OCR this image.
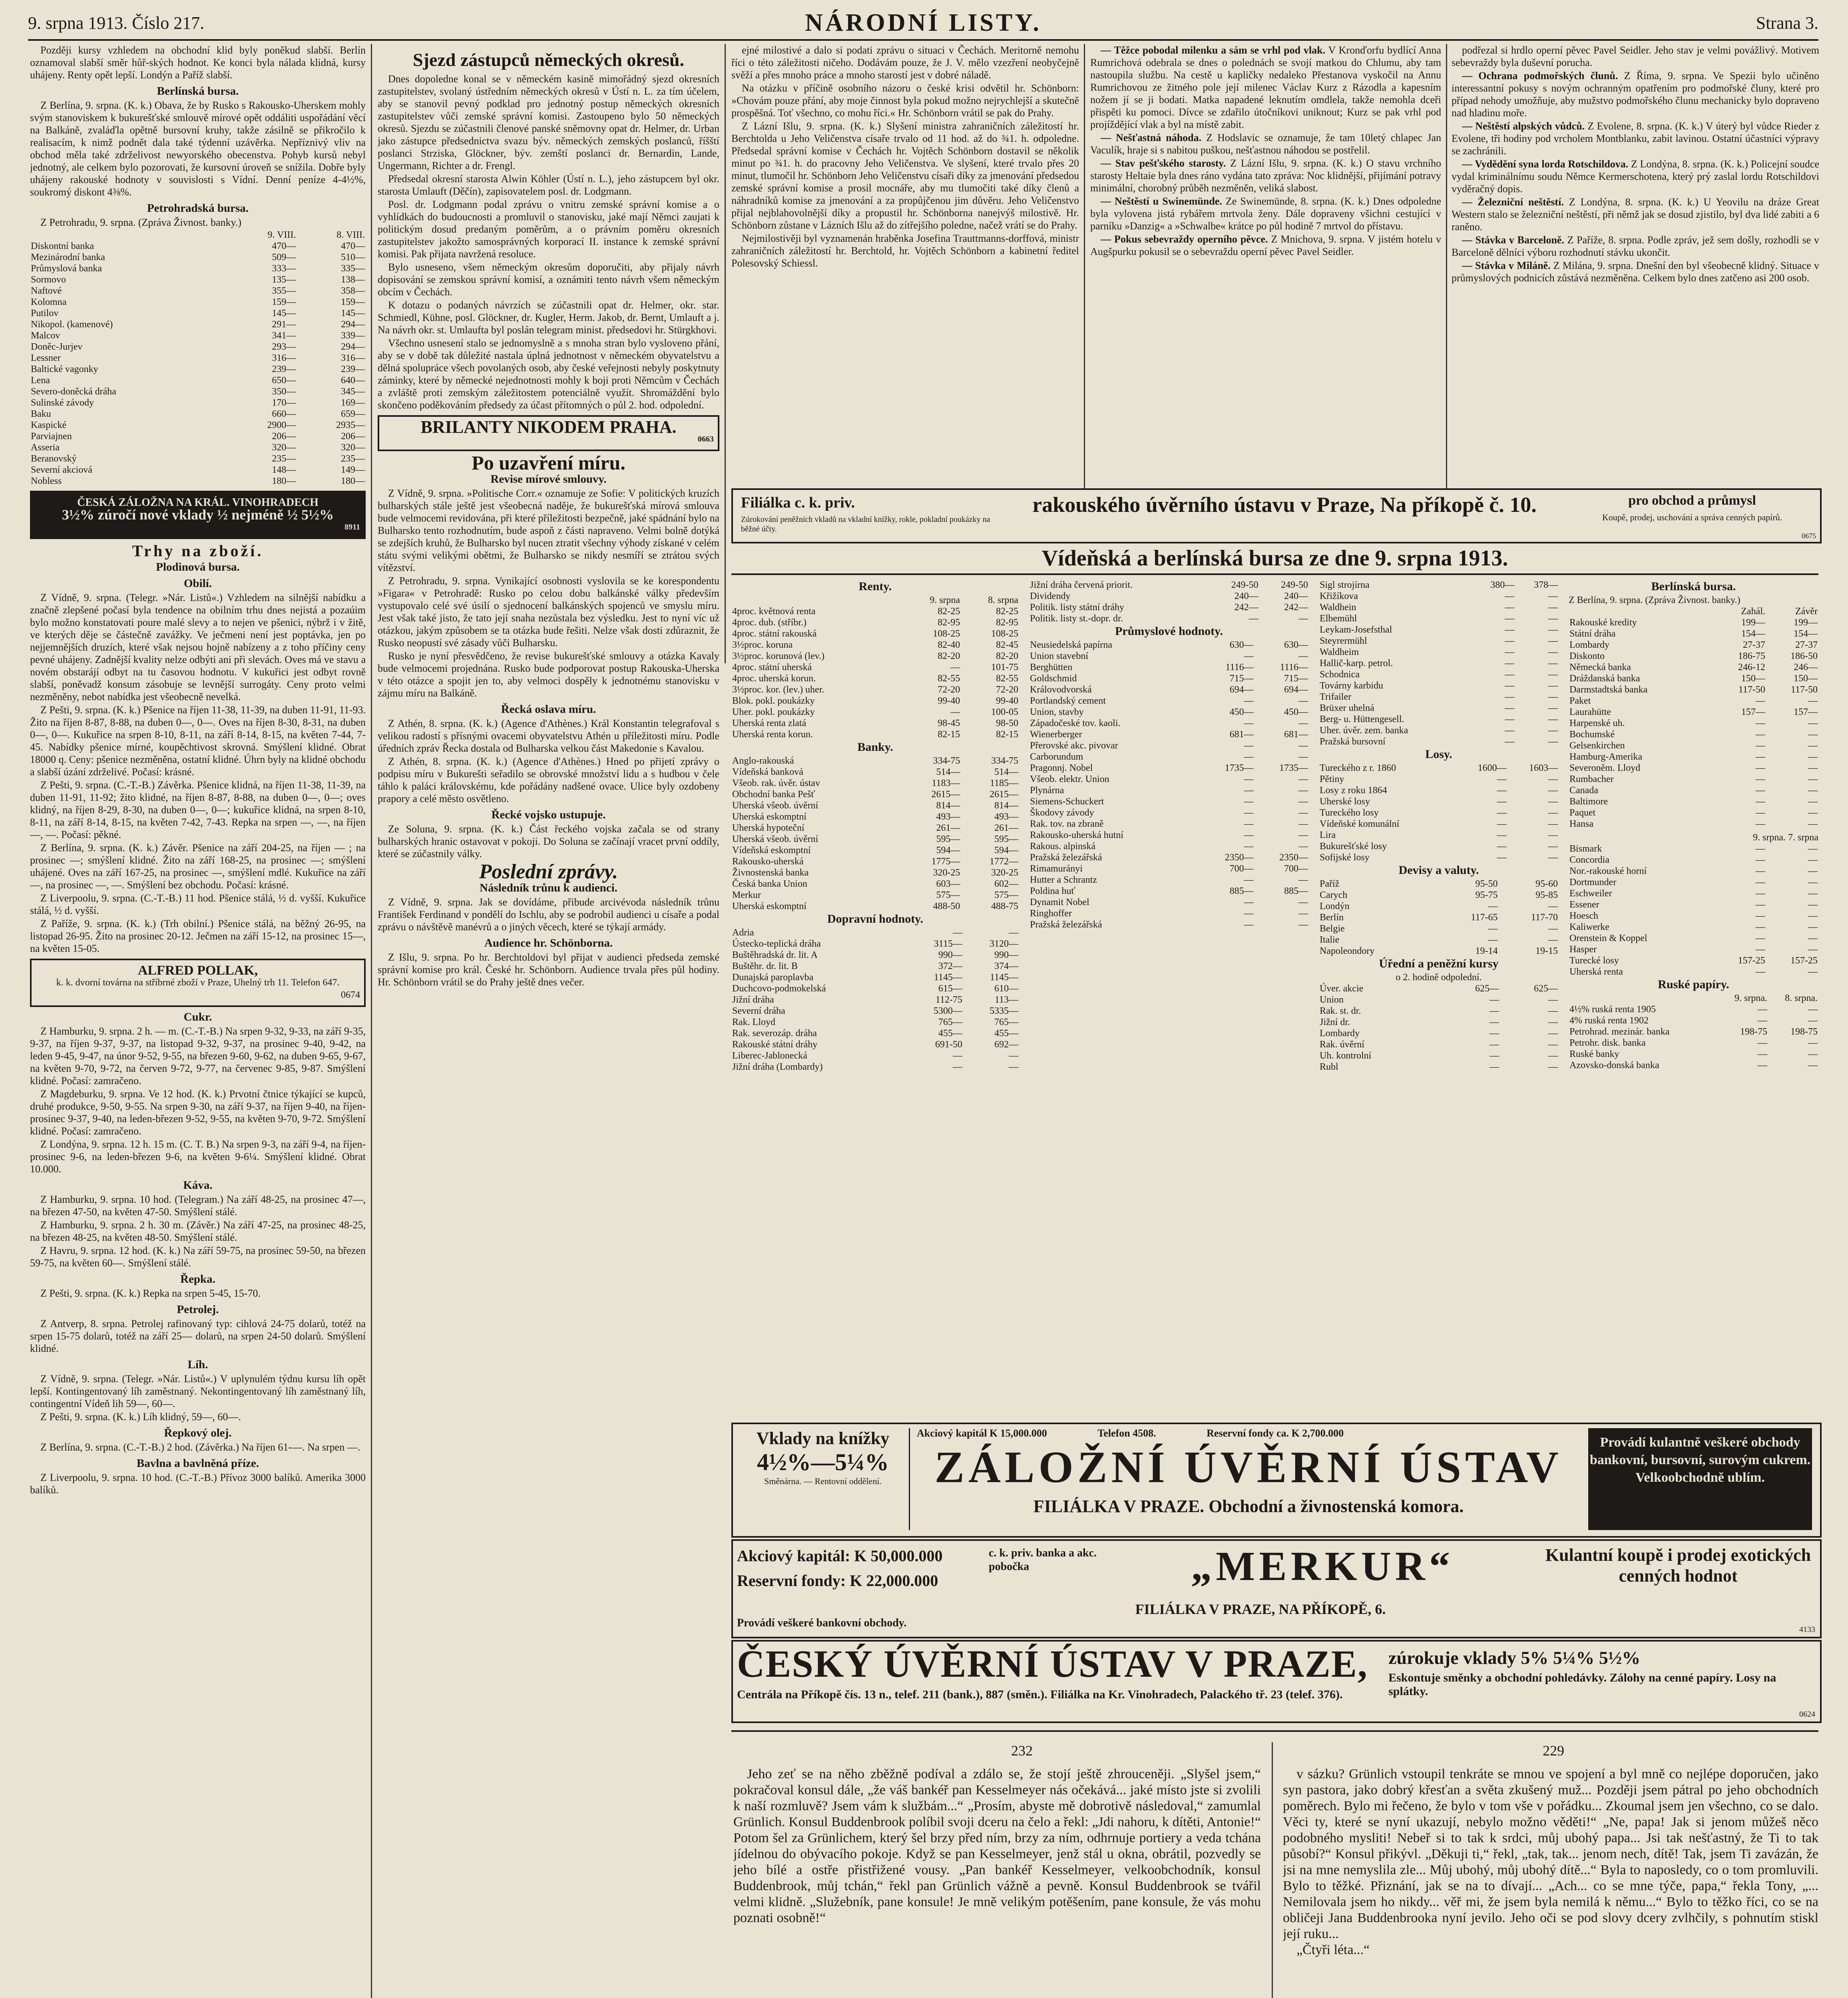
9. srpna 1913. Číslo 217.	NÁRODNÍ LISTY.	Strana 3.

Později kursy vzhledem na obchodní klid byly poněkud slabší. Berlín oznamoval slabší směr hůř-ských hodnot. Ke konci byla nálada klidná, kursy uhájeny. Renty opět lepší. Londýn a Paříž slabší.

Berlínská bursa.

Z Berlína, 9. srpna. (K. k.) Obava, že by Rusko s Rakousko-Uherskem mohly svým stanoviskem k bukurešťské smlouvě mírové opět oddáliti uspořádání věcí na Balkáně, zvaláďla opětně bursovní kruhy, takže zásilně se přikročilo k realisacím, k nimž podnět dala také týdenní uzávěrka. Nepříznivý vliv na obchod měla také zdrželivost newyorského obecenstva. Pohyb kursů nebyl jednotný, ale celkem bylo pozorovati, že kursovní úroveň se snížila. Dobře byly uhájeny rakouské hodnoty v souvislosti s Vídní. Denní peníze 4-4½%, soukromý diskont 4⅜%.

Petrohradská bursa.

Z Petrohradu, 9. srpna. (Zpráva Živnost. banky.)

	9. VIII.	8. VIII.
Diskontní banka	470—	470—
Mezinárodní banka	509—	510—
Průmyslová banka	333—	335—
Sormovo	135—	138—
Naftové	355—	358—
Kolomna	159—	159—
Putilov	145—	145—
Nikopol. (kamenové)	291—	294—
Malcov	341—	339—
Doněc-Jurjev	293—	294—
Lessner	316—	316—
Baltické vagonky	239—	239—
Lena	650—	640—
Severo-doněcká dráha	350—	345—
Sulinské závody	170—	169—
Baku	660—	659—
Kaspické	2900—	2935—
Parviajnen	206—	206—
Asseria	320—	320—
Beranovský	235—	235—
Severní akciová	148—	149—
Nobless	180—	180—
ČESKÁ ZÁLOŽNA NA KRÁL. VINOHRADECH
3½% zúročí nové vklady ½ nejméně ½ 5½%
8911
Trhy na zboží.
Plodinová bursa.
Obilí.

Z Vídně, 9. srpna. (Telegr. »Nár. Listů«.) Vzhledem na silnější nabídku a značně zlepšené počasí byla tendence na obilním trhu dnes nejistá a pozaúim bylo možno konstatovati poure malé slevy a to nejen ve pšenici, nýbrž i v žitě, ve kterých děje se částečně zavážky. Ve ječmeni není jest poptávka, jen po nejjemnějších druzích, které však nejsou hojně nabízeny a z toho příčiny ceny pevné uhájeny. Zadnější kvality nelze odbýti ani při slevách. Oves má ve stavu a novém obstarájí odbyt na tu časovou hodnotu. V kukuřici jest odbyt rovně slabší, poněvadž konsum zásobuje se levnější surrogáty. Ceny proto velmi nezměněny, nebot nabídka jest všeobecně nevelká.

Z Pešti, 9. srpna. (K. k.) Pšenice na říjen 11-38, 11-39, na duben 11-91, 11-93. Žito na říjen 8-87, 8-88, na duben 0—, 0—. Oves na říjen 8-30, 8-31, na duben 0—, 0—. Kukuřice na srpen 8-10, 8-11, na září 8-14, 8-15, na květen 7-44, 7-45. Nabídky pšenice mírné, koupěchtivost skrovná. Smýšlení klidné. Obrat 18000 q. Ceny: pšenice nezměněna, ostatní klidné. Úhrn byly na klidné obchodu a slabší úzání zdrželivé. Počasí: krásné.

Z Pešti, 9. srpna. (C.-T.-B.) Závěrka. Pšenice klidná, na říjen 11-38, 11-39, na duben 11-91, 11-92; žito klidné, na říjen 8-87, 8-88, na duben 0—, 0—; oves klidný, na říjen 8-29, 8-30, na duben 0—, 0—; kukuřice klidná, na srpen 8-10, 8-11, na září 8-14, 8-15, na květen 7-42, 7-43. Repka na srpen —, —, na říjen —, —. Počasí: pěkné.

Z Berlína, 9. srpna. (K. k.) Závěr. Pšenice na září 204-25, na říjen — ; na prosinec —; smýšlení klidné. Žito na září 168-25, na prosinec —; smýšlení uhájené. Oves na září 167-25, na prosinec —, smýšlení mdlé. Kukuřice na září —, na prosinec —, —. Smýšlení bez obchodu. Počasí: krásné.

Z Liverpoolu, 9. srpna. (C.-T.-B.) 11 hod. Pšenice stálá, ½ d. vyšší. Kukuřice stálá, ½ d. vyšší.

Z Paříže, 9. srpna. (K. k.) (Trh obilní.) Pšenice stálá, na běžný 26-95, na listopad 26-95. Žito na prosinec 20-12. Ječmen na září 15-12, na prosinec 15—, na květen 15-05.

ALFRED POLLAK,
k. k. dvorní továrna na stříbrné zboží v Praze, Uhelný trh 11. Telefon 647.
0674
Cukr.

Z Hamburku, 9. srpna. 2 h. — m. (C.-T.-B.) Na srpen 9-32, 9-33, na září 9-35, 9-37, na říjen 9-37, 9-37, na listopad 9-32, 9-37, na prosinec 9-40, 9-42, na leden 9-45, 9-47, na únor 9-52, 9-55, na březen 9-60, 9-62, na duben 9-65, 9-67, na květen 9-70, 9-72, na červen 9-72, 9-77, na červenec 9-85, 9-87. Smýšlení klidné. Počasí: zamračeno.

Z Magdeburku, 9. srpna. Ve 12 hod. (K. k.) Prvotní čtnice týkající se kupců, druhé produkce, 9-50, 9-55. Na srpen 9-30, na září 9-37, na říjen 9-40, na říjen-prosinec 9-37, 9-40, na leden-březen 9-52, 9-55, na květen 9-70, 9-72. Smýšlení klidné. Počasí: zamračeno.

Z Londýna, 9. srpna. 12 h. 15 m. (C. T. B.) Na srpen 9-3, na září 9-4, na říjen-prosinec 9-6, na leden-březen 9-6, na květen 9-6¼. Smýšlení klidné. Obrat 10.000.

Káva.

Z Hamburku, 9. srpna. 10 hod. (Telegram.) Na září 48-25, na prosinec 47—, na březen 47-50, na květen 47-50. Smýšlení stálé.

Z Hamburku, 9. srpna. 2 h. 30 m. (Závěr.) Na září 47-25, na prosinec 48-25, na březen 48-25, na květen 48-50. Smýšlení stálé.

Z Havru, 9. srpna. 12 hod. (K. k.) Na září 59-75, na prosinec 59-50, na březen 59-75, na květen 60—. Smýšlení stálé.

Řepka.

Z Pešti, 9. srpna. (K. k.) Repka na srpen 5-45, 15-70.

Petrolej.

Z Antverp, 8. srpna. Petrolej rafinovaný typ: cihlová 24-75 dolarů, totéž na srpen 15-75 dolarů, totéž na září 25— dolarů, na srpen 24-50 dolarů. Smýšlení klidné.

Líh.

Z Vídně, 9. srpna. (Telegr. »Nár. Listů«.) V uplynulém týdnu kursu líh opět lepší. Kontingentovaný líh zaměstnaný. Nekontingentovaný líh zaměstnaný líh, contingentní Vídeň lih 59—, 60—.

Z Pešti, 9. srpna. (K. k.) Líh klidný, 59—, 60—.

Řepkový olej.

Z Berlína, 9. srpna. (C.-T.-B.) 2 hod. (Závěrka.) Na říjen 61-—. Na srpen —.

Bavlna a bavlněná příze.

Z Liverpoolu, 9. srpna. 10 hod. (C.-T.-B.) Přívoz 3000 balíků. Amerika 3000 balíků.

Sjezd zástupců německých okresů.

Dnes dopoledne konal se v německém kasině mimořádný sjezd okresních zastupitelstev, svolaný ústředním německých okresů v Ústí n. L. za tím účelem, aby se stanovil pevný podklad pro jednotný postup německých okresních zastupitelstev vůči zemské správní komisi. Zastoupeno bylo 50 německých okresů. Sjezdu se zúčastnili členové panské sněmovny opat dr. Helmer, dr. Urban jako zástupce předsednictva svazu býv. německých zemských poslanců, říšští poslanci Strziska, Glöckner, býv. zemští poslanci dr. Bernardin, Lande, Ungermann, Richter a dr. Frengl.

Předsedal okresní starosta Alwin Köhler (Ústí n. L.), jeho zástupcem byl okr. starosta Umlauft (Děčín), zapisovatelem posl. dr. Lodgmann.

Posl. dr. Lodgmann podal zprávu o vnitru zemské správní komise a o vyhlídkách do budoucnosti a promluvil o stanovisku, jaké mají Němci zaujati k politickým dosud predaným poměrům, a o právním poměru okresních zastupitelstev jakožto samosprávných korporací II. instance k zemské správní komisi. Pak přijata navržená resoluce.

Bylo usneseno, všem německým okresům doporučiti, aby přijaly návrh dopisování se zemskou správní komisí, a oznámiti tento návrh všem německým obcím v Čechách.

K dotazu o podaných návrzích se zúčastnili opat dr. Helmer, okr. star. Schmiedl, Kühne, posl. Glöckner, dr. Kugler, Herm. Jakob, dr. Bernt, Umlauft a j. Na návrh okr. st. Umlaufta byl poslán telegram minist. předsedovi hr. Stürgkhovi.

Všechno usnesení stalo se jednomyslně a s mnoha stran bylo vysloveno přání, aby se v době tak důležité nastala úplná jednotnost v německém obyvatelstvu a dělná spolupráce všech povolaných osob, aby české veřejnosti nebyly poskytnuty záminky, které by německé nejednotnosti mohly k boji proti Němcům v Čechách a zvláště proti zemským záležitostem potenciálně využít. Shromáždění bylo skončeno poděkováním předsedy za účast přítomných o půl 2. hod. odpolední.

BRILANTY NIKODEM PRAHA.
0663
Po uzavření míru.
Revise mírové smlouvy.

Z Vídně, 9. srpna. »Politische Corr.« oznamuje ze Sofie: V politických kruzích bulharských stále ještě jest všeobecná naděje, že bukurešťská mírová smlouva bude velmocemi revidována, při které příležitosti bezpečně, jaké spádnání bylo na Bulharsko tento rozhodnutím, bude aspoň z části napraveno. Velmi bolně dotýká se zdejších kruhů, že Bulharsko byl nucen ztratit všechny výhody získané v celém státu svými velikými obětmi, že Bulharsko se nikdy nesmíří se ztrátou svých vítězství.

Z Petrohradu, 9. srpna. Vynikající osobnosti vyslovila se ke korespondentu »Figara« v Petrohradě: Rusko po celou dobu balkánské války především vystupovalo celé své úsilí o sjednocení balkánských spojenců ve smyslu míru. Jest však také jisto, že tato její snaha nezůstala bez výsledku. Jest to nyní víc už otázkou, jakým způsobem se ta otázka bude řešiti. Nelze však dosti zdůraznit, že Rusko neopustí své zásady vůči Bulharsku.

Rusko je nyní přesvědčeno, že revise bukurešťské smlouvy a otázka Kavaly bude velmocemi projednána. Rusko bude podporovat postup Rakouska-Uherska v této otázce a spojit jen to, aby velmoci dospěly k jednotnému stanovisku v zájmu míru na Balkáně.

Řecká oslava míru.

Z Athén, 8. srpna. (K. k.) (Agence d'Athènes.) Král Konstantin telegrafoval s velikou radostí s přísnými ovacemi obyvatelstvu Athén u příležitosti míru. Podle úředních zpráv Řecka dostala od Bulharska velkou část Makedonie s Kavalou.

Z Athén, 8. srpna. (K. k.) (Agence d'Athènes.) Hned po přijetí zprávy o podpisu míru v Bukurešti seřadilo se obrovské množství lidu a s hudbou v čele táhlo k paláci královskému, kde pořádány nadšené ovace. Ulice byly ozdobeny prapory a celé město osvětleno.

Řecké vojsko ustupuje.

Ze Soluna, 9. srpna. (K. k.) Část řeckého vojska začala se od strany bulharských hranic ostavovat v pokoji. Do Soluna se začínají vracet první oddíly, které se zúčastnily války.

Poslední zprávy.
Následník trůnu k audienci.

Z Vídně, 9. srpna. Jak se dovídáme, přibude arcivévoda následník trůnu František Ferdinand v pondělí do Ischlu, aby se podrobil audienci u císaře a podal zprávu o návštěvě manévrů a o jiných věcech, které se týkají armády.

Audience hr. Schönborna.

Z Išlu, 9. srpna. Po hr. Berchtoldovi byl přijat v audienci předseda zemské správní komise pro král. České hr. Schönborn. Audience trvala přes půl hodiny. Hr. Schönborn vrátil se do Prahy ještě dnes večer.

ejné milostivé a dalo si podati zprávu o situaci v Čechách. Meritorně nemohu říci o této záležitosti ničeho. Dodávám pouze, že J. V. mělo vzezření neobyčejně svěží a přes mnoho práce a mnoho starostí jest v dobré náladě.

Na otázku v příčině osobního názoru o české krisi odvětil hr. Schönborn: »Chovám pouze přání, aby moje činnost byla pokud možno nejrychlejší a skutečně prospěšná. Toť všechno, co mohu říci.« Hr. Schönborn vrátil se pak do Prahy.

Z Lázní Išlu, 9. srpna. (K. k.) Slyšení ministra zahraničních záležitostí hr. Berchtolda u Jeho Veličenstva císaře trvalo od 11 hod. až do ¾1. h. odpoledne. Předsedal správní komise v Čechách hr. Vojtěch Schönborn dostavil se několik minut po ¾1. h. do pracovny Jeho Veličenstva. Ve slyšení, které trvalo přes 20 minut, tlumočil hr. Schönborn Jeho Veličenstvu císaři díky za jmenování předsedou zemské správní komise a prosil mocnáře, aby mu tlumočiti také díky členů a náhradníků komise za jmenování a za propůjčenou jim důvěru. Jeho Veličenstvo přijal nejblahovolnější díky a propustil hr. Schönborna nanejvýš milostivě. Hr. Schönborn zůstane v Lázních Išlu až do zítřejšího poledne, načež vrátí se do Prahy.

Nejmilostivěji byl vyznamenán hraběnka Josefina Trauttmanns-dorffová, ministr zahraničních záležitostí hr. Berchtold, hr. Vojtěch Schönborn a kabinetní ředitel Polesovský Schiessl.

— Těžce pobodal milenku a sám se vrhl pod vlak. V Kronďorfu bydlící Anna Rumrichová odebrala se dnes o polednách se svojí matkou do Chlumu, aby tam nastoupila službu. Na cestě u kapličky nedaleko Přestanova vyskočil na Annu Rumrichovou ze žitného pole její milenec Václav Kurz z Rázodla a kapesním nožem jí se ji bodati. Matka napadené leknutím omdlela, takže nemohla dceři přispěti ku pomoci. Dívce se zdařilo útočníkovi uniknout; Kurz se pak vrhl pod projíždějící vlak a byl na místě zabit.

— Nešťastná náhoda. Z Hodslavic se oznamuje, že tam 10letý chlapec Jan Vaculík, hraje si s nabitou puškou, nešťastnou náhodou se postřelil.

— Stav pešťského starosty. Z Lázní Išlu, 9. srpna. (K. k.) O stavu vrchního starosty Heltaie byla dnes ráno vydána tato zpráva: Noc klidnější, přijímání potravy minimální, chorobný průběh nezměněn, veliká slabost.

— Neštěstí u Swinemünde. Ze Swinemünde, 8. srpna. (K. k.) Dnes odpoledne byla vylovena jistá rybářem mrtvola ženy. Dále dopraveny všichni cestující v parníku »Danzig« a »Schwalbe« krátce po půl hodině 7 mrtvol do přístavu.

— Pokus sebevraždy operního pěvce. Z Mnichova, 9. srpna. V jistém hotelu v Augšpurku pokusil se o sebevraždu operní pěvec Pavel Seidler.

podřezal si hrdlo operní pěvec Pavel Seidler. Jeho stav je velmi povážlivý. Motivem sebevraždy byla duševní porucha.

— Ochrana podmořských člunů. Z Říma, 9. srpna. Ve Spezii bylo učiněno interessantní pokusy s novým ochranným opatřením pro podmořské čluny, které pro případ nehody umožňuje, aby mužstvo podmořského člunu mechanicky bylo dopraveno nad hladinu moře.

— Neštěstí alpských vůdců. Z Evolene, 8. srpna. (K. k.) V úterý byl vůdce Rieder z Evolene, tři hodiny pod vrcholem Montblanku, zabit lavinou. Ostatní účastníci výpravy se zachránili.

— Vydědění syna lorda Rotschildova. Z Londýna, 8. srpna. (K. k.) Policejní soudce vydal kriminálnímu soudu Němce Kermerschotena, který prý zaslal lordu Rotschildovi vyděračný dopis.

— Železniční neštěstí. Z Londýna, 8. srpna. (K. k.) U Yeovilu na dráze Great Western stalo se železniční neštěstí, při němž jak se dosud zjistilo, byl dva lidé zabiti a 6 raněno.

— Stávka v Barceloně. Z Paříže, 8. srpna. Podle zpráv, jež sem došly, rozhodli se v Barceloně dělníci výboru rozhodnutí stávku ukončit.

— Stávka v Miláně. Z Milána, 9. srpna. Dnešní den byl všeobecně klidný. Situace v průmyslových podnicích zůstává nezměněna. Celkem bylo dnes zatčeno asi 200 osob.

Filiálka c. k. priv.
Zúrokování peněžních vkladů na vkladní knížky, rokle, pokladní poukázky na běžné účty.
rakouského úvěrního ústavu v Praze, Na příkopě č. 10.	pro obchod a průmysl
Koupě, prodej, uschování a správa cenných papírů.
0675
Vídeňská a berlínská bursa ze dne 9. srpna 1913.
Renty.
	9. srpna	8. srpna
4proc. květnová renta	82-25	82-25
4proc. dub. (stříbr.)	82-95	82-95
4proc. státní rakouská	108-25	108-25
3½proc. koruna	82-40	82-45
3½proc. korunová (lev.)	82-20	82-20
4proc. státní uherská	—	101-75
4proc. uherská korun.	82-55	82-55
3½proc. kor. (lev.) uher.	72-20	72-20
Blok. pokl. poukázky	99-40	99-40
Uher. pokl. poukázky	—	100-05
Uherská renta zlatá	98-45	98-50
Uherská renta korun.	82-15	82-15
Banky.
Anglo-rakouská	334-75	334-75
Vídeňská banková	514—	514—
Všeob. rak. úvěr. ústav	1183—	1185—
Obchodní banka Pešť	2615—	2615—
Uherská všeob. úvěrní	814—	814—
Uherská eskomptní	493—	493—
Uherská hypoteční	261—	261—
Uherská všeob. úvěrní	595—	595—
Vídeňská eskomptní	594—	594—
Rakousko-uherská	1775—	1772—
Živnostenská banka	320-25	320-25
Česká banka Union	603—	602—
Merkur	575—	575—
Uherská eskomptní	488-50	488-75
Dopravní hodnoty.
Adria	—	—
Ústecko-teplická dráha	3115—	3120—
Buštěhradská dr. lit. A	990—	990—
Buštěhr. dr. lit. B	372—	374—
Dunajská paroplavba	1145—	1145—
Duchcovo-podmokelská	615—	610—
Jižní dráha	112-75	113—
Severní dráha	5300—	5335—
Rak. Lloyd	765—	765—
Rak. severozáp. dráha	455—	455—
Rakouské státní dráhy	691-50	692—
Liberec-Jablonecká	—	—
Jižní dráha (Lombardy)	—	—
Jižní dráha červená priorit.	249-50	249-50
Dividendy	240—	240—
Politik. listy státní dráhy	242—	242—
Politik. listy st.-dopr. dr.	—	—
Průmyslové hodnoty.
Neusiedelská papírna	630—	630—
Union stavební	—	—
Berghütten	1116—	1116—
Goldschmid	715—	715—
Královodvorská	694—	694—
Portlandský cement	—	—
Union, stavby	450—	450—
Západočeské tov. kaoli.	—	—
Wienerberger	681—	681—
Přerovské akc. pivovar	—	—
Carborundum	—	—
Pragonnj. Nobel	1735—	1735—
Všeob. elektr. Union	—	—
Plynárna	—	—
Siemens-Schuckert	—	—
Škodovy závody	—	—
Rak. tov. na zbraně	—	—
Rakousko-uherská hutní	—	—
Rakous. alpinská	—	—
Pražská železářská	2350—	2350—
Rimamurányi	700—	700—
Hutter a Schrantz	—	—
Poldina huť	885—	885—
Dynamit Nobel	—	—
Ringhoffer	—	—
Pražská železářská	—	—
Sigl strojírna	380—	378—
Křižíkova	—	—
Waldhein	—	—
Elbemühl	—	—
Leykam-Josefsthal	—	—
Steyrermühl	—	—
Waldheim	—	—
Hallič-karp. petrol.	—	—
Schodnica	—	—
Továrny karbidu	—	—
Trifailer	—	—
Brüxer uhelná	—	—
Berg- u. Hüttengesell.	—	—
Uher. úvěr. zem. banka	—	—
Pražská bursovní	—	—
Losy.
Tureckého z r. 1860	1600—	1603—
Pětiny	—	—
Losy z roku 1864	—	—
Uherské losy	—	—
Tureckého losy	—	—
Vídeňské komunální	—	—
Lira	—	—
Bukurešťské losy	—	—
Sofijské losy	—	—
Devisy a valuty.
Paříž	95-50	95-60
Carych	95-75	95-85
Londýn	—	—
Berlín	117-65	117-70
Belgie	—	—
Italie	—	—
Napoleondory	19-14	19-15
Úřední a peněžní kursy
o 2. hodině odpolední.
Úver. akcie	625—	625—
Union	—	—
Rak. st. dr.	—	—
Jižní dr.	—	—
Lombardy	—	—
Rak. úvěrní	—	—
Uh. kontrolní	—	—
Rubl	—	—
Berlínská bursa.
Z Berlína, 9. srpna. (Zpráva Živnost. banky.)
	Zahál.	Závěr
Rakouské kredity	199—	199—
Státní dráha	154—	154—
Lombardy	27-37	27-37
Diskonto	186-75	186-50
Německá banka	246-12	246—
Dráždanská banka	150—	150—
Darmstadtská banka	117-50	117-50
Paket	—	—
Laurahütte	157—	157—
Harpenské uh.	—	—
Bochumské	—	—
Gelsenkirchen	—	—
Hamburg-Amerika	—	—
Severoněm. Lloyd	—	—
Rumbacher	—	—
Canada	—	—
Baltimore	—	—
Paquet	—	—
Hansa	—	—
9. srpna. 7. srpna
Bismark	—	—
Concordia	—	—
Nor.-rakouské horní	—	—
Dortmunder	—	—
Eschweiler	—	—
Essener	—	—
Hoesch	—	—
Kaliwerke	—	—
Orenstein & Koppel	—	—
Hasper	—	—
Turecké losy	157-25	157-25
Uherská renta	—	—
Ruské papíry.
	9. srpna.	8. srpna.
4½% ruská renta 1905	—	—
4% ruská renta 1902	—	—
Petrohrad. mezinár. banka	198-75	198-75
Petrohr. disk. banka	—	—
Ruské banky	—	—
Azovsko-donská banka	—	—
Vklady na knížky
4½%—5¼%
Směnárna. — Rentovní oddělení.
Akciový kapitál K 15,000.000	Telefon 4508.	Reservní fondy ca. K 2,700.000
ZÁLOŽNÍ ÚVĚRNÍ ÚSTAV
FILIÁLKA V PRAZE. Obchodní a živnostenská komora.
Provádí kulantně veškeré obchody bankovní, bursovní, surovým cukrem. Velkoobchodně ublím.
Akciový kapitál: K 50,000.000
Reservní fondy: K 22,000.000
c. k. priv. banka a akc. pobočka	„MERKUR“
FILIÁLKA V PRAZE, NA PŘÍKOPĚ, 6.
Provádí veškeré bankovní obchody.
Kulantní koupě i prodej exotických cenných hodnot
4133
ČESKÝ ÚVĚRNÍ ÚSTAV V PRAZE,	zúrokuje vklady 5% 5¼% 5½%
Eskontuje směnky a obchodní pohledávky. Zálohy na cenné papíry. Losy na splátky.
Centrála na Příkopě čís. 13 n., telef. 211 (bank.), 887 (směn.). Filiálka na Kr. Vinohradech, Palackého tř. 23 (telef. 376).
0624
232	229

Jeho zeť se na něho zběžně podíval a zdálo se, že stojí ještě zhrouceněji. „Slyšel jsem,“ pokračoval konsul dále, „že váš bankéř pan Kesselmeyer nás očekává... jaké místo jste si zvolili k naší rozmluvě? Jsem vám k službám...“ „Prosím, abyste mě dobrotivě následoval,“ zamumlal Grünlich. Konsul Buddenbrook políbil svoji dceru na čelo a řekl: „Jdi nahoru, k dítěti, Antonie!“ Potom šel za Grünlichem, který šel brzy před ním, brzy za ním, odhrnuje portiery a veda tchána jídelnou do obývacího pokoje. Když se pan Kesselmeyer, jenž stál u okna, obrátil, pozvedly se jeho bílé a ostře přistřižené vousy. „Pan bankéř Kesselmeyer, velkoobchodník, konsul Buddenbrook, můj tchán,“ řekl pan Grünlich vážně a pevně. Konsul Buddenbrook se tvářil velmi klidně. „Služebník, pane konsule! Je mně velikým potěšením, pane konsule, že vás mohu poznati osobně!“

v sázku? Grünlich vstoupil tenkráte se mnou ve spojení a byl mně co nejlépe doporučen, jako syn pastora, jako dobrý křesťan a světa zkušený muž... Později jsem pátral po jeho obchodních poměrech. Bylo mi řečeno, že bylo v tom vše v pořádku... Zkoumal jsem jen všechno, co se dalo. Věci ty, které se nyní ukazují, nebylo možno věděti!“ „Ne, papa! Jak si jenom můžeš něco podobného mysliti! Nebeř si to tak k srdci, můj ubohý papa... Jsi tak nešťastný, že Ti to tak působí?“ Konsul přikývl. „Děkuji ti,“ řekl, „tak, tak... jenom nech, dítě! Tak, jsem Ti zavázán, že jsi na mne nemyslila zle... Můj ubohý, můj ubohý dítě...“ Byla to naposledy, co o tom promluvili. Bylo to těžké. Přiznání, jak se na to dívají... „Ach... co se mne týče, papa,“ řekla Tony, „... Nemilovala jsem ho nikdy... věř mi, že jsem byla nemilá k němu...“ Bylo to těžko říci, co se na obličeji Jana Buddenbrooka nyní jevilo. Jeho oči se pod slovy dcery zvlhčily, s pohnutím stiskl její ruku...

„Čtyři léta...“
